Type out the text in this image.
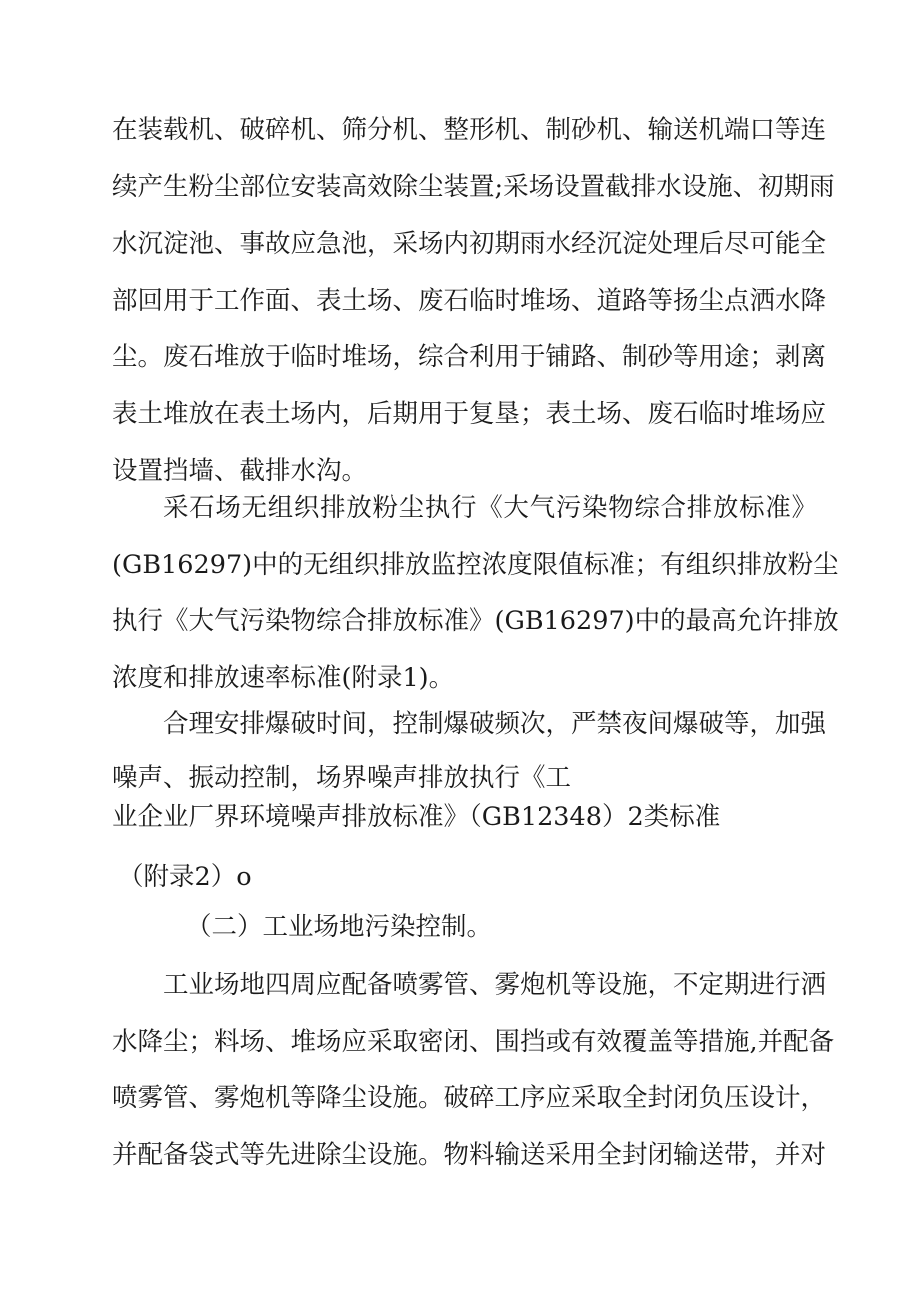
在装载机、破碎机、筛分机、整形机、制砂机、输送机端口等连
续产生粉尘部位安装高效除尘装置;采场设置截排水设施、初期雨
水沉淀池、事故应急池，采场内初期雨水经沉淀处理后尽可能全
部回用于工作面、表土场、废石临时堆场、道路等扬尘点洒水降
尘。废石堆放于临时堆场，综合利用于铺路、制砂等用途；剥离
表土堆放在表土场内，后期用于复垦；表土场、废石临时堆场应
设置挡墙、截排水沟。
采石场无组织排放粉尘执行《大气污染物综合排放标准》
(GB16297)中的无组织排放监控浓度限值标准；有组织排放粉尘
执行《大气污染物综合排放标准》(GB16297)中的最高允许排放
浓度和排放速率标准(附录1)。
合理安排爆破时间，控制爆破频次，严禁夜间爆破等，加强
噪声、振动控制，场界噪声排放执行《工
业企业厂界环境噪声排放标准》（GB12348）2类标准
（附录2）o
（二）工业场地污染控制。
工业场地四周应配备喷雾管、雾炮机等设施，不定期进行洒
水降尘；料场、堆场应采取密闭、围挡或有效覆盖等措施,并配备
喷雾管、雾炮机等降尘设施。破碎工序应采取全封闭负压设计，
并配备袋式等先进除尘设施。物料输送采用全封闭输送带，并对
